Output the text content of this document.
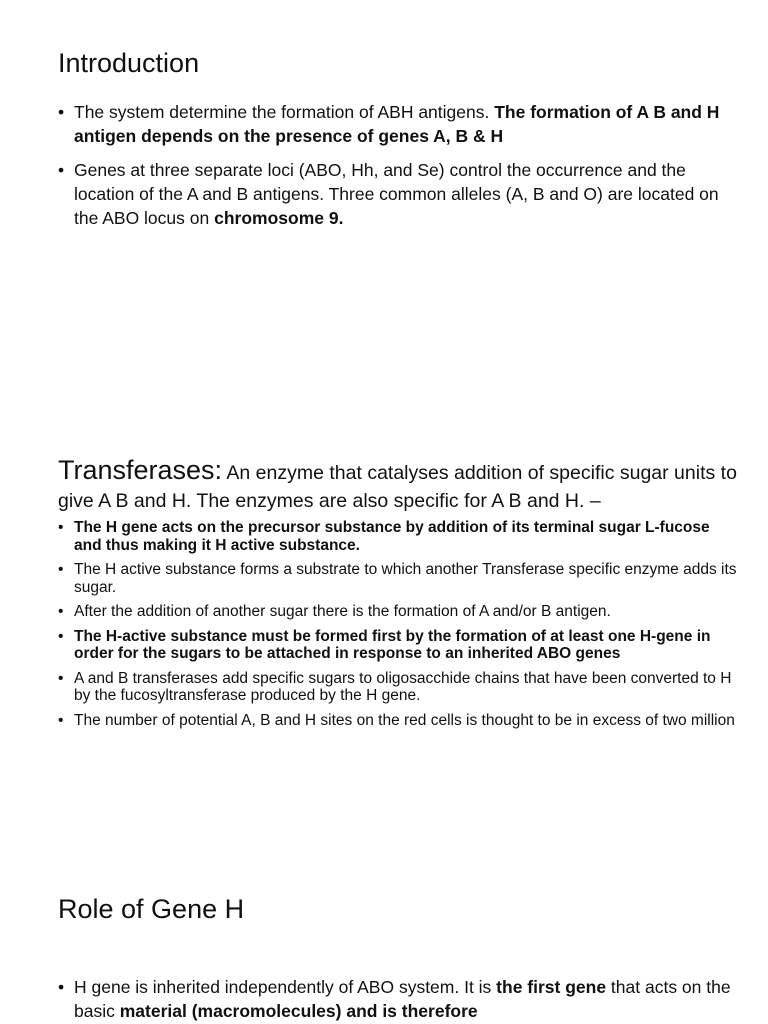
Introduction
• The system determine the formation of ABH antigens. The formation of A B and H antigen depends on the presence of genes A, B & H
• Genes at three separate loci (ABO, Hh, and Se) control the occurrence and the location of the A and B antigens. Three common alleles (A, B and O) are located on the ABO locus on chromosome 9.

Transferases: An enzyme that catalyses addition of specific sugar units to give A B and H. The enzymes are also specific for A B and H. –

• The H gene acts on the precursor substance by addition of its terminal sugar L-fucose and thus making it H active substance.
• The H active substance forms a substrate to which another Transferase specific enzyme adds its sugar.
• After the addition of another sugar there is the formation of A and/or B antigen.
• The H-active substance must be formed first by the formation of at least one H-gene in order for the sugars to be attached in response to an inherited ABO genes
• A and B transferases add specific sugars to oligosacchide chains that have been converted to H by the fucosyltransferase produced by the H gene.
• The number of potential A, B and H sites on the red cells is thought to be in excess of two million
Role of Gene H
• H gene is inherited independently of ABO system. It is the first gene that acts on the basic material (macromolecules) and is therefore
